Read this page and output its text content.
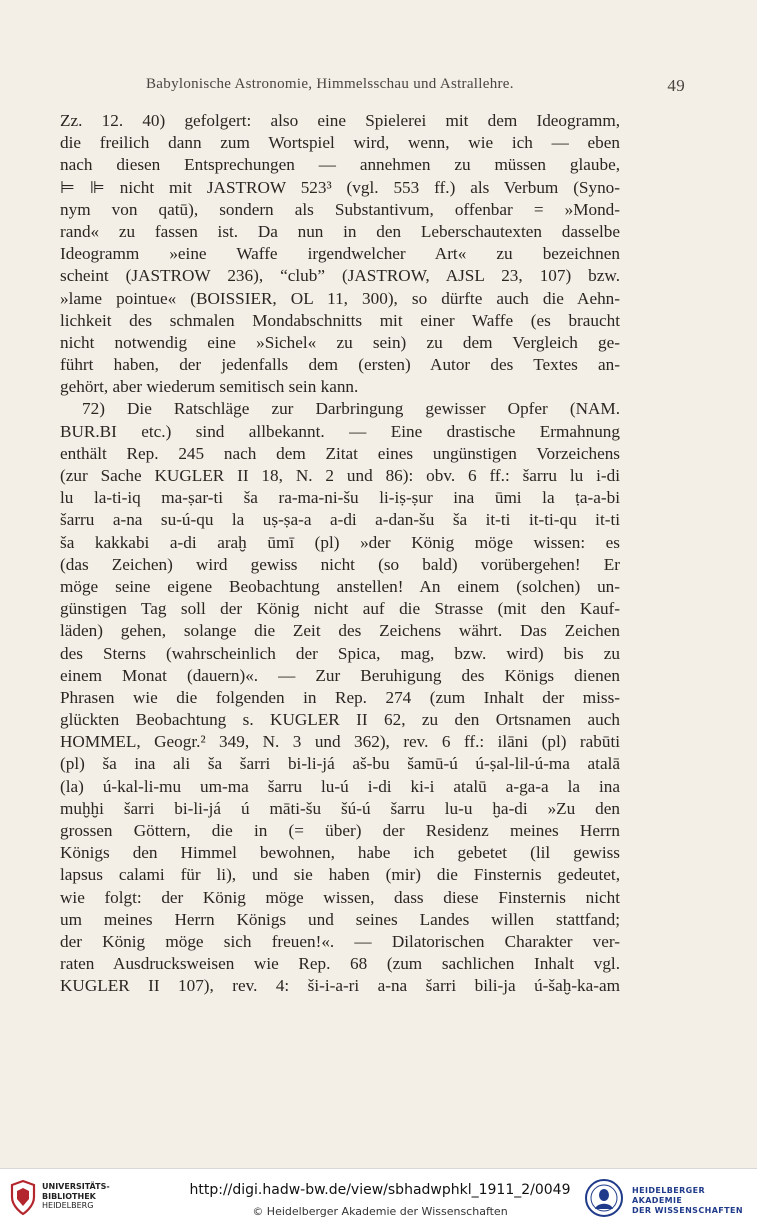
Babylonische Astronomie, Himmelsschau und Astrallehre.	49
Zz. 12. 40) gefolgert: also eine Spielerei mit dem Ideogramm,
die freilich dann zum Wortspiel wird, wenn, wie ich — eben
nach diesen Entsprechungen — annehmen zu müssen glaube,
⊨ ⊫ nicht mit JASTROW 523³ (vgl. 553 ff.) als Verbum (Syno-
nym von qatū), sondern als Substantivum, offenbar = »Mond-
rand« zu fassen ist. Da nun in den Leberschautexten dasselbe
Ideogramm »eine Waffe irgendwelcher Art« zu bezeichnen
scheint (JASTROW 236), “club” (JASTROW, AJSL 23, 107) bzw.
»lame pointue« (BOISSIER, OL 11, 300), so dürfte auch die Aehn-
lichkeit des schmalen Mondabschnitts mit einer Waffe (es braucht
nicht notwendig eine »Sichel« zu sein) zu dem Vergleich ge-
führt haben, der jedenfalls dem (ersten) Autor des Textes an-
gehört, aber wiederum semitisch sein kann.
72) Die Ratschläge zur Darbringung gewisser Opfer (NAM.
BUR.BI etc.) sind allbekannt. — Eine drastische Ermahnung
enthält Rep. 245 nach dem Zitat eines ungünstigen Vorzeichens
(zur Sache KUGLER II 18, N. 2 und 86): obv. 6 ff.: šarru lu i-di
lu la-ti-iq ma-ṣar-ti ša ra-ma-ni-šu li-iṣ-ṣur ina ūmi la ṭa-a-bi
šarru a-na su-ú-qu la uṣ-ṣa-a a-di a-dan-šu ša it-ti it-ti-qu it-ti
ša kakkabi a-di araḫ ūmī (pl) »der König möge wissen: es
(das Zeichen) wird gewiss nicht (so bald) vorübergehen! Er
möge seine eigene Beobachtung anstellen! An einem (solchen) un-
günstigen Tag soll der König nicht auf die Strasse (mit den Kauf-
läden) gehen, solange die Zeit des Zeichens währt. Das Zeichen
des Sterns (wahrscheinlich der Spica, mag, bzw. wird) bis zu
einem Monat (dauern)«. — Zur Beruhigung des Königs dienen
Phrasen wie die folgenden in Rep. 274 (zum Inhalt der miss-
glückten Beobachtung s. KUGLER II 62, zu den Ortsnamen auch
HOMMEL, Geogr.² 349, N. 3 und 362), rev. 6 ff.: ilāni (pl) rabūti
(pl) ša ina ali ša šarri bi-li-já aš-bu šamū-ú ú-ṣal-lil-ú-ma atalā
(la) ú-kal-li-mu um-ma šarru lu-ú i-di ki-i atalū a-ga-a la ina
muḫḫi šarri bi-li-já ú māti-šu šú-ú šarru lu-u ḫa-di »Zu den
grossen Göttern, die in (= über) der Residenz meines Herrn
Königs den Himmel bewohnen, habe ich gebetet (lil gewiss
lapsus calami für li), und sie haben (mir) die Finsternis gedeutet,
wie folgt: der König möge wissen, dass diese Finsternis nicht
um meines Herrn Königs und seines Landes willen stattfand;
der König möge sich freuen!«. — Dilatorischen Charakter ver-
raten Ausdrucksweisen wie Rep. 68 (zum sachlichen Inhalt vgl.
KUGLER II 107), rev. 4: ši-i-a-ri a-na šarri bili-ja ú-šaḫ-ka-am
UNIVERSITÄTS-
BIBLIOTHEK
HEIDELBERG
http://digi.hadw-bw.de/view/sbhadwphkl_1911_2/0049
© Heidelberger Akademie der Wissenschaften
HEIDELBERGER AKADEMIE
DER WISSENSCHAFTEN
